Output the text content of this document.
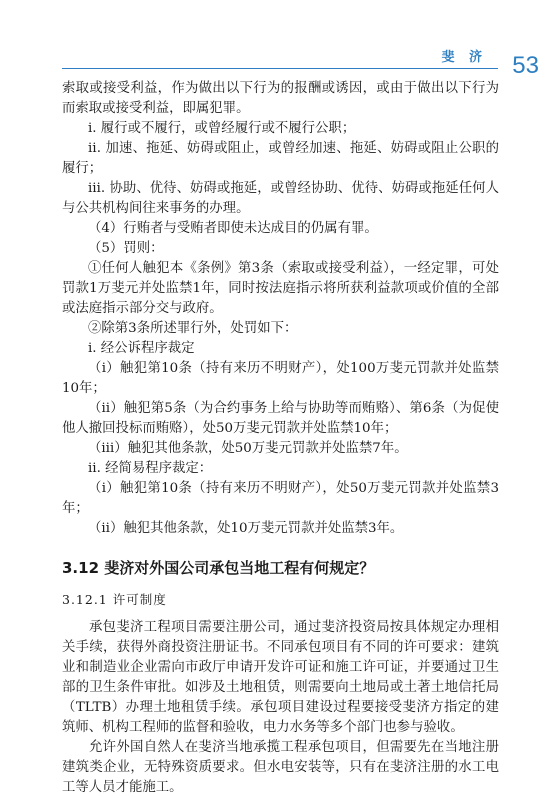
斐 济 53

索取或接受利益，作为做出以下行为的报酬或诱因，或由于做出以下行为而索取或接受利益，即属犯罪。

ⅰ. 履行或不履行，或曾经履行或不履行公职；

ⅱ. 加速、拖延、妨碍或阻止，或曾经加速、拖延、妨碍或阻止公职的履行；

ⅲ. 协助、优待、妨碍或拖延，或曾经协助、优待、妨碍或拖延任何人与公共机构间往来事务的办理。

（4）行贿者与受贿者即使未达成目的仍属有罪。

（5）罚则：

①任何人触犯本《条例》第3条（索取或接受利益），一经定罪，可处罚款1万斐元并处监禁1年，同时按法庭指示将所获利益款项或价值的全部或法庭指示部分交与政府。

②除第3条所述罪行外，处罚如下：

ⅰ. 经公诉程序裁定

（ⅰ）触犯第10条（持有来历不明财产），处100万斐元罚款并处监禁10年；

（ⅱ）触犯第5条（为合约事务上给与协助等而贿赂）、第6条（为促使他人撤回投标而贿赂），处50万斐元罚款并处监禁10年；

（ⅲ）触犯其他条款，处50万斐元罚款并处监禁7年。

ⅱ. 经简易程序裁定：

（ⅰ）触犯第10条（持有来历不明财产），处50万斐元罚款并处监禁3年；

（ⅱ）触犯其他条款，处10万斐元罚款并处监禁3年。

3.12 斐济对外国公司承包当地工程有何规定？

3.12.1 许可制度

承包斐济工程项目需要注册公司，通过斐济投资局按具体规定办理相关手续，获得外商投资注册证书。不同承包项目有不同的许可要求：建筑业和制造业企业需向市政厅申请开发许可证和施工许可证，并要通过卫生部的卫生条件审批。如涉及土地租赁，则需要向土地局或土著土地信托局（TLTB）办理土地租赁手续。承包项目建设过程要接受斐济方指定的建筑师、机构工程师的监督和验收，电力水务等多个部门也参与验收。

允许外国自然人在斐济当地承揽工程承包项目，但需要先在当地注册建筑类企业，无特殊资质要求。但水电安装等，只有在斐济注册的水工电工等人员才能施工。
